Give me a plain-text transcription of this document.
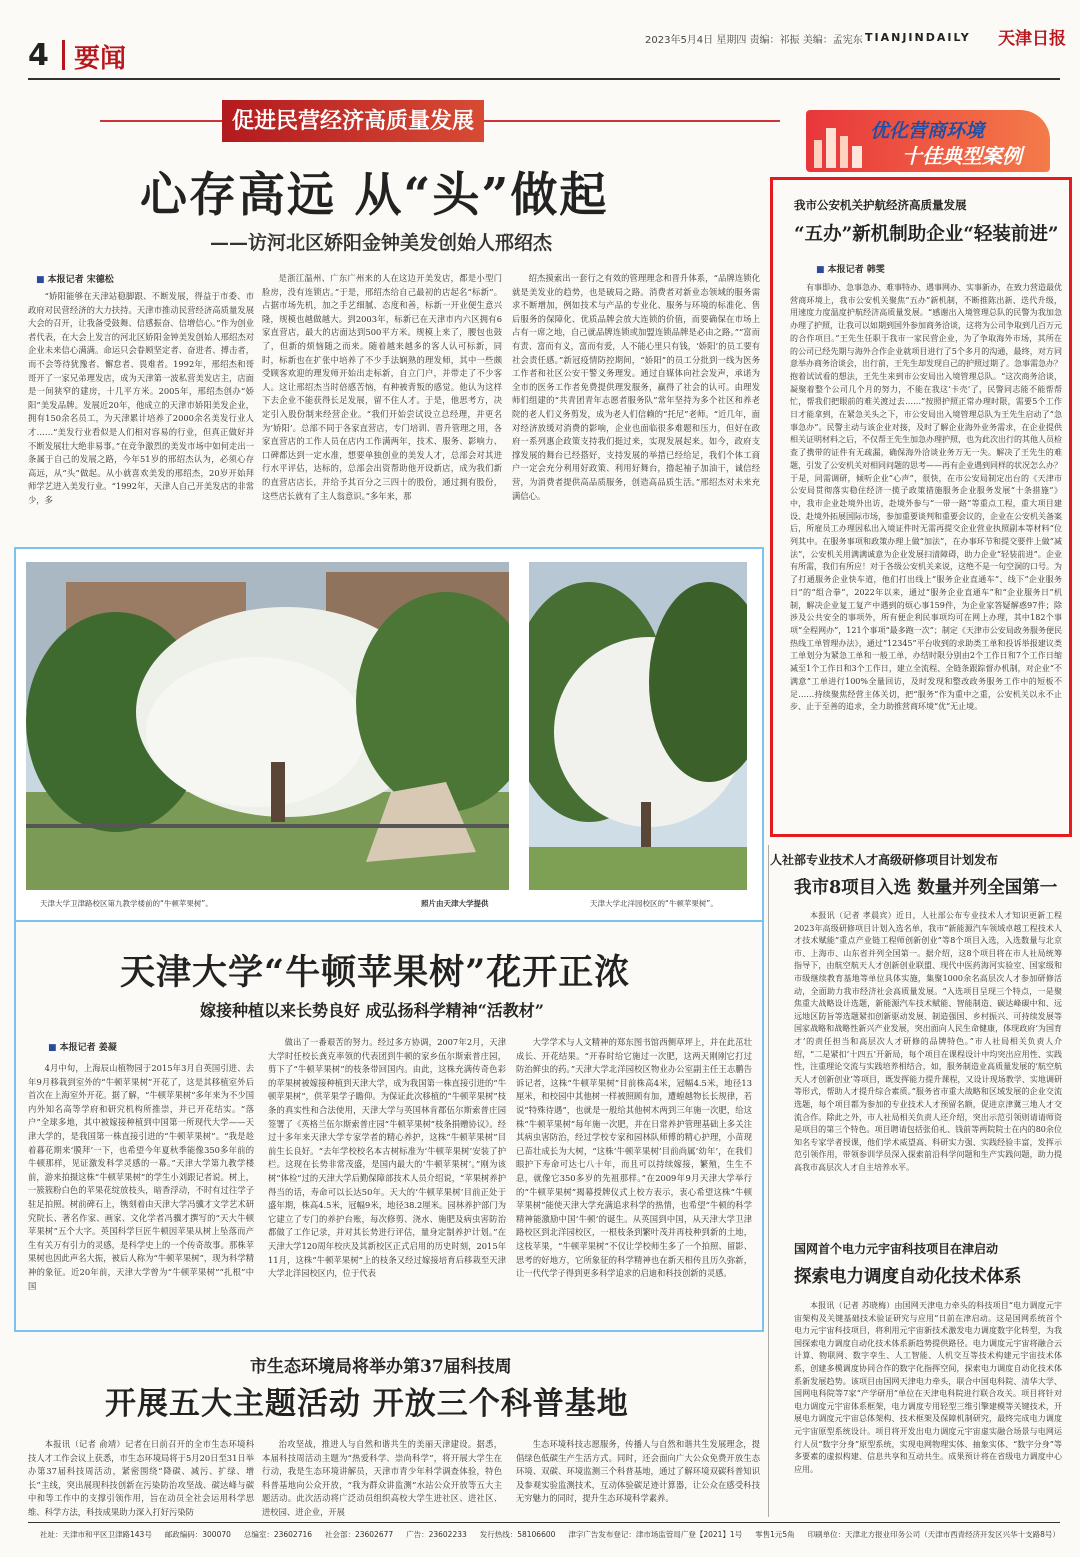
4 要闻
2023年5月4日 星期四 责编：祁振 美编：孟宪东 TIANJINDAILY 天津日报
促进民营经济高质量发展
心存高远 从“头”做起
——访河北区娇阳金钟美发创始人邢绍杰
■ 本报记者 宋德松

“娇阳能够在天津站稳脚跟、不断发展，得益于市委、市政府对民营经济的大力扶持。天津市推动民营经济高质量发展大会的召开，让我备受鼓舞、信感振奋、信增信心。”作为创业者代表，在大会上发言的河北区娇阳金钟美发创始人邢绍杰对企业未来信心满满。命运只会眷顾坚定者、奋进者、搏击者，而不会等待犹豫者、懈怠者、畏难者。1992年，邢绍杰和哥哥开了一家兄弟理发店，成为天津第一波私营美发店主，店面是一间狭窄的建房，十几平方米。2005年，邢绍杰创办“娇阳”美发品牌。发展近20年，他成立的天津市娇阳美发企业，拥有150余名员工，为天津累计培养了2000余名美发行业人才……“美发行业看似是人们相对容易的行业，但真正做好并不断发展壮大绝非易事。”在竞争激烈的美发市场中如何走出一条属于自己的发展之路，今年51岁的邢绍杰认为，必须心存高远，从“头”做起。从小就喜欢美发的邢绍杰，20岁开始拜师学艺进入美发行业。“1992年，天津人自己开美发店的非常少，多

是浙江温州、广东广州来的人在这边开美发店，都是小型门脸房，没有连锁店。”于是，邢绍杰给自己最初的店起名“标新”。占据市场先机，加之手艺细腻、态度和善，标新一开业便生意兴隆，规模也越做越大。到2003年，标新已在天津市内六区拥有6家直营店，最大的店面达到500平方米。规模上来了，腰包也鼓了，但新的烦恼随之而来。随着越来越多的客人认可标新，同时，标新也在扩张中培养了不少手法娴熟的理发师，其中一些颇受顾客欢迎的理发师开始出走标新，自立门户，并带走了不少客人。这让邢绍杰当时倍感苦恼，有种被背叛的感觉。他认为这样下去企业不能获得长足发展，留不住人才。于是，他思考方，决定引入股份制来经营企业。“我们开始尝试设立总经理，并更名为‘娇阳’。总部不同于各家直营店，专门培训、晋升管理之用，各家直营店的工作人员在店内工作满两年，技术、服务、影响力、口碑都达到一定水准，想要单独创业的美发人才，总部会对其进行水平评估，达标的，总部会出资帮助他开设新店，成为我们新的直营店店长，并给予其百分之三四十的股份，通过拥有股份，这些店长就有了主人翁意识。”多年来，那

绍杰摸索出一套行之有效的管理理念和晋升体系，“品牌连锁化就是美发业的趋势，也是破局之路。消费者对新业态领域的服务需求不断增加，例如技术与产品的专业化、服务与环境的标准化、售后服务的保障化、优质品牌会放大连锁的价值，而要确保在市场上占有一席之地，自己就品牌连锁或加盟连锁品牌是必由之路。”“富而有责、富而有义，富而有爱，人不能心里只有钱，‘娇阳’的员工要有社会责任感。”新冠疫情防控期间，“娇阳”的员工分批到一线为医务工作者和社区公安干警义务理发。通过自媒体向社会发声，承诺为全市的医务工作者免费提供理发服务，赢得了社会的认可。由理发师们组建的“共青团青年志愿者服务队”常年坚持为多个社区和养老院的老人们义务剪发，成为老人们信赖的“托尼”老师。“近几年，面对经济放缓对消费的影响，企业也面临很多难题和压力，但好在政府一系列惠企政策支持我们挺过来，实现发展起来。如今，政府支撑发展的舞台已经搭好，支持发展的举措已经给足，我们个体工商户一定会充分利用好政策、利用好舞台，撸起袖子加油干，诚信经营，为消费者提供高品质服务，创造高品质生活。”邢绍杰对未来充满信心。

优化营商环境
十佳典型案例
我市公安机关护航经济高质量发展
“五办”新机制助企业“轻装前进”
■ 本报记者 韩雯

有事即办、急事急办、难事特办、遇事网办、实事新办，在致力营造最优营商环境上，我市公安机关聚焦“五办”新机制，不断推陈出新、迭代升级，用速度力度温度护航经济高质量发展。“感谢出入境管理总队的民警为我加急办理了护照，让我可以如期到国外参加商务洽谈，这将为公司争取到几百万元的合作项目。”王先生任职于我市一家民营企业，为了争取海外市场，其所在的公司已经先期与海外合作企业就项目进行了5个多月的沟通，最终，对方同意举办商务洽谈会，出行前，王先生却发现自己的护照过期了。急事需急办？抱着试试看的想法，王先生来到市公安局出入境管理总队。“这次商务洽谈，凝聚着整个公司几个月的努力，不能在我这‘卡壳’了，民警同志能不能帮帮忙，帮我们把眼前的难关渡过去……”按照护照正常办理时限，需要5个工作日才能拿到，在紧急关头之下，市公安局出入境管理总队为王先生启动了“急事急办”。民警主动与该企业对接，及时了解企业海外业务需求，在企业提供相关证明材料之后，不仅帮王先生加急办理护照，也为此次出行的其他人员检查了携带的证件有无疏漏，确保海外洽谈业务万无一失。解决了王先生的难题，引发了公安机关对相同问题的思考——再有企业遇到同样的状况怎么办？于是，同需调研，倾听企业“心声”，很快，在市公安局制定出台的《天津市公安局贯彻落实稳住经济一揽子政策措施服务企业服务发展“十条措施”》中，我市企业赴境外出访，赴境外参与“一带一路”等重点工程，重大项目建设、赴境外拓展国际市场，参加重要谈判和重要会议的，企业在公安机关备案后，所雇员工办理因私出入境证件时无需再提交企业营业执照副本等材料“位列其中。在服务事项和政策办理上做“加法”，在办事环节和提交要件上做“减法”，公安机关用满满诚意为企业发展扫清障碍，助力企业“轻装前进”。企业有所需，我们有所应！对于各级公安机关来说，这绝不是一句空洞的口号。为了打通服务企业快车道，他们打出线上“服务企业直通车”、线下“企业服务日”的“组合拳”，2022年以来，通过“服务企业直通车”和“企业服务日”机制，解决企业复工复产中遇到的烦心事159件，为企业家答疑解惑97件；除涉及公共安全的事项外，所有便企利民事项均可在网上办理，其中182个事项“全程网办”，121个事项“最多跑一次”；制定《天津市公安局政务服务便民热线工单管理办法》，通过“12345”平台收到的求助类工单和投诉举报建议类工单划分为紧急工单和一般工单，办结时限分别由2个工作日和7个工作日缩减至1个工作日和3个工作日，建立全流程、全链条跟踪督办机制，对企业“不满意”工单进行100%全量回访，及时发现和整改政务服务工作中的短板不足……持续聚焦经营主体关切，把“服务”作为重中之重，公安机关以永不止步、止于至善的追求，全力助推营商环境“优”无止境。

天津大学卫津路校区第九教学楼前的“牛顿苹果树”。	照片由天津大学提供	天津大学北洋园校区的“牛顿苹果树”。
天津大学“牛顿苹果树”花开正浓
嫁接种植以来长势良好 成弘扬科学精神“活教材”
■ 本报记者 姜凝

4月中旬，上海辰山植物园于2015年3月自英国引进、去年9月移栽到室外的“牛顿苹果树”开花了，这是其移植室外后首次在上海室外开花。据了解，“牛顿苹果树”多年来为不少国内外知名高等学府和研究机构所推崇，并已开花结实。“落户”全球多地，其中被嫁接种植到中国第一所现代大学——天津大学的，是我国第一株直接引进的“牛顿苹果树”。“我是趁着暮花期来‘膜拜’一下，也希望今年夏秋季能像350多年前的牛顿那样，见证激发科学灵感的一幕。”天津大学第九教学楼前，游来拍摄这株“牛顿苹果树”的学生小刘跟记者说。树上，一簇簇粉白色的苹果花绽放枝头，暗香浮动，不时有过往学子驻足拍照。树前碑石上，镌刻着由天津大学冯骥才文学艺术研究院长、著名作家、画家、文化学者冯骥才撰写的“天大牛顿苹果树”五个大字。英国科学巨匠牛顿因苹果从树上坠落而产生有关万有引力的灵感，是科学史上的一个传奇故事。那株苹果树也因此声名大振，被后人称为“牛顿苹果树”，现为科学精神的象征。近20年前，天津大学曾为“牛顿苹果树”“扎根”中国

做出了一番艰苦的努力。经过多方协调，2007年2月，天津大学时任校长龚克率领的代表团到牛顿的家乡伍尔斯索普庄园，剪下了“牛顿苹果树”的枝条带回国内。由此，这株充满传奇色彩的苹果树被嫁接种植到天津大学，成为我国第一株直接引进的“牛顿苹果树”，供苹果学子瞻仰。为保证此次移植的“牛顿苹果树”枝条的真实性和合法使用，天津大学与英国林肯郡伍尔斯索普庄园签署了《英格兰伍尔斯索普庄园“牛顿苹果树”枝条捐赠协议》。经过十多年来天津大学专家学者的精心养护，这株“牛顿苹果树”目前生长良好。“去年学校校名本古树标准为‘牛顿苹果树’安装了护栏。这现在长势非常茂盛，是国内最大的‘牛顿苹果树’。”刚为该树“体检”过的天津大学后勤保障部技术人员介绍说，“苹果树养护得当的话，寿命可以长达50年。天大的‘牛顿苹果树’目前正处于盛年期，株高4.5米，冠幅9米，地径38.2厘米。园林养护部门为它建立了专门的养护台账，每次修剪、浇水、施肥及病虫害防治都做了工作记录，并对其长势进行评估，量身定制养护计划。”在天津大学120周年校庆及其新校区正式启用的历史时刻，2015年11月，这株“牛顿苹果树”上的枝条又经过嫁接培育后移栽至天津大学北洋园校区内，位于代表

大学学术与人文精神的郑东图书馆西侧草坪上，并在此茁壮成长、开花结果。“开春时给它施过一次肥，这两天刚刚它打过防治鲜虫的药。”天津大学北洋园校区物业办公室副主任王志鹏告诉记者，这株“牛顿苹果树”目前株高4米，冠幅4.5米，地径13厘米，和校园中其他树一样被照顾有加，遭蝗越物长长规律，若说“特殊待遇”，也就是一般给其他树木两到三年施一次肥，给这株“牛顿苹果树”每年施一次肥，并在日常养护管理基础上多关注其病虫害防治，经过学校专家和园林队师傅的精心护理，小苗现已苗壮成长为大树，“这株‘牛顿苹果树’目前尚属‘幼年’，在我们眼护下寿命可达七八十年，而且可以持续嫁接，繁殖，生生不息，就像它350多岁的先祖那样。”在2009年9月天津大学举行的“牛顿苹果树”揭幕授牌仪式上校方表示，衷心希望这株“牛顿苹果树”能使天津大学充满追求科学的热情，也希望“牛顿的科学精神能激励中国‘牛顿’的诞生。从英国到中国，从天津大学卫津路校区到北洋园校区，一根枝条到繁叶茂并再枝种到新的土地，这枝苹果，“牛顿苹果树”不仅让学校师生多了一个拍照、留影、思考的好地方，它所象征的科学精神也在新天相传且历久弥新，让一代代学子得到更多科学追求的启迪和科技创新的灵感。

市生态环境局将举办第37届科技周
开展五大主题活动 开放三个科普基地

本报讯（记者 俞靖）记者在日前召开的全市生态环境科技人才工作会议上获悉，市生态环境局将于5月20日至31日举办第37届科技周活动，紧密围绕“降碳、减污、扩绿、增长”主线，突出展现科技创新在污染防治攻坚战、碳达峰与碳中和等工作中的支撑引领作用，旨在动员全社会运用科学思维、科学方法，科技成果助力深入打好污染防

治攻坚战，推进人与自然和谐共生的美丽天津建设。据悉，本届科技周活动主题为“热爱科学、崇尚科学”，将开展大学生在行动，我是生态环境讲解员，天津市青少年科学调查体验，特色科普基地向公众开放，“我为群众讲监测”水站公众开放等五大主题活动。此次活动将广泛动员组织高校大学生进社区、进社区、进校园、进企业，开展

生态环境科技志愿服务，传播人与自然和谐共生发展理念，提倡绿色低碳生产生活方式。同时，还会面向广大公众免费开放生态环境、双碳、环境监测三个科普基地，通过了解环境双碳科普知识及参观实验监测技术，互动体验碳足迹计算器，让公众在感受科技无穷魅力的同时，提升生态环境科学素养。

人社部专业技术人才高级研修项目计划发布
我市8项目入选 数量并列全国第一

本报讯（记者 孝晨宾）近日，人社部公布专业技术人才知识更新工程2023年高级研修项目计划入选名单，我市“新能源汽车领域卓越工程技术人才技术赋能”重点产业链工程师创新创业”等8个项目入选，入选数量与北京市、上海市、山东省并列全国第一。据介绍，这8个项目将在市人社局统筹指导下，由航空航天人才创新创业联盟、现代中医药海河实验室、国家级和市级继续教育基地等单位具体实施，集聚1000余名高层次人才参加研修活动，全面助力我市经济社会高质量发展。“入选项目呈现三个特点，一是聚焦重大战略设计选题，新能源汽车技术赋能、智能制造、碳达峰碳中和、远远地区防旨等选题紧扣创新驱动发展、制造强国、乡村振兴、可持续发展等国家战略和战略性新兴产业发展，突出面向人民生命健康，体现政府‘为国育才’的责任担当和高层次人才研修的品牌特色。”市人社局相关负责人介绍，“二是紧扣‘十四五’开新局，每个项目在课程设计中均突出应用性、实践性，注重理论交流与实践培养相结合，如，服务制造业高质量发展的‘航空航天人才创新创业’等项目，既发挥能力提升课程，又设计现场教学、实地调研等形式，帮助人才提升综合素质。”服务省市重大战略和区域发展的企业交流选题，每个项目都为参加的专业技术人才预留名额，促进京津冀三地人才交流合作。除此之外，市人社局相关负责人还介绍，突出示范引领则请请师资是项目的第三个特色。项目聘请包括张伯礼、钱前等两院院士在内的80余位知名专家学者授课，他们学术威望高、科研实力强、实践经验丰富，发挥示范引领作用，带领参训学员深入探索前沿科学问题和生产实践问题，助力提高我市高层次人才自主培养水平。

国网首个电力元宇宙科技项目在津启动
探索电力调度自动化技术体系

本报讯（记者 苏晓梅）由国网天津电力牵头的科技项目“电力调度元宇宙架构及关键基础技术验证研究与应用”日前在津启动。这是国网系统首个电力元宇宙科技项目，将利用元宇宙新技术激发电力调度数字化转型，为我国探索电力调度自动化技术体系新趋势提供路径。电力调度元宇宙将融合云计算、物联网、数字孪生、人工智能、人机交互等技术构建元宇宙技术体系，创建多模调度协同合作的数字化指挥空间，探索电力调度自动化技术体系新发展趋势。该项目由国网天津电力牵头，联合中国电科院、清华大学、国网电科院等7家“产学研用”单位在天津电科院进行联合攻关。项目将针对电力调度元宇宙体系框架，电力调度专用轻型三维引擎建模等关键技术，开展电力调度元宇宙总体架构、技术框架及保障机制研究，最终完成电力调度元宇宙原型系统设计。项目将开发出电力调度元宇宙虚实融合场景与电网运行人员“数字分身”原型系统，实现电网物理实体、抽象实体、“数字分身”等多要素的虚拟构建、信息共享和互动共生。成果预计将在省级电力调度中心应用。

社址：天津市和平区卫津路143号 邮政编码：300070 总编室：23602716 社会部：23602677 广告：23602233 发行热线：58106600 津字广告发布登记：津市场监管局广登【2021】1号 零售1元5角 印刷单位：天津北方报业印务公司（天津市西青经济开发区兴华十支路8号）
